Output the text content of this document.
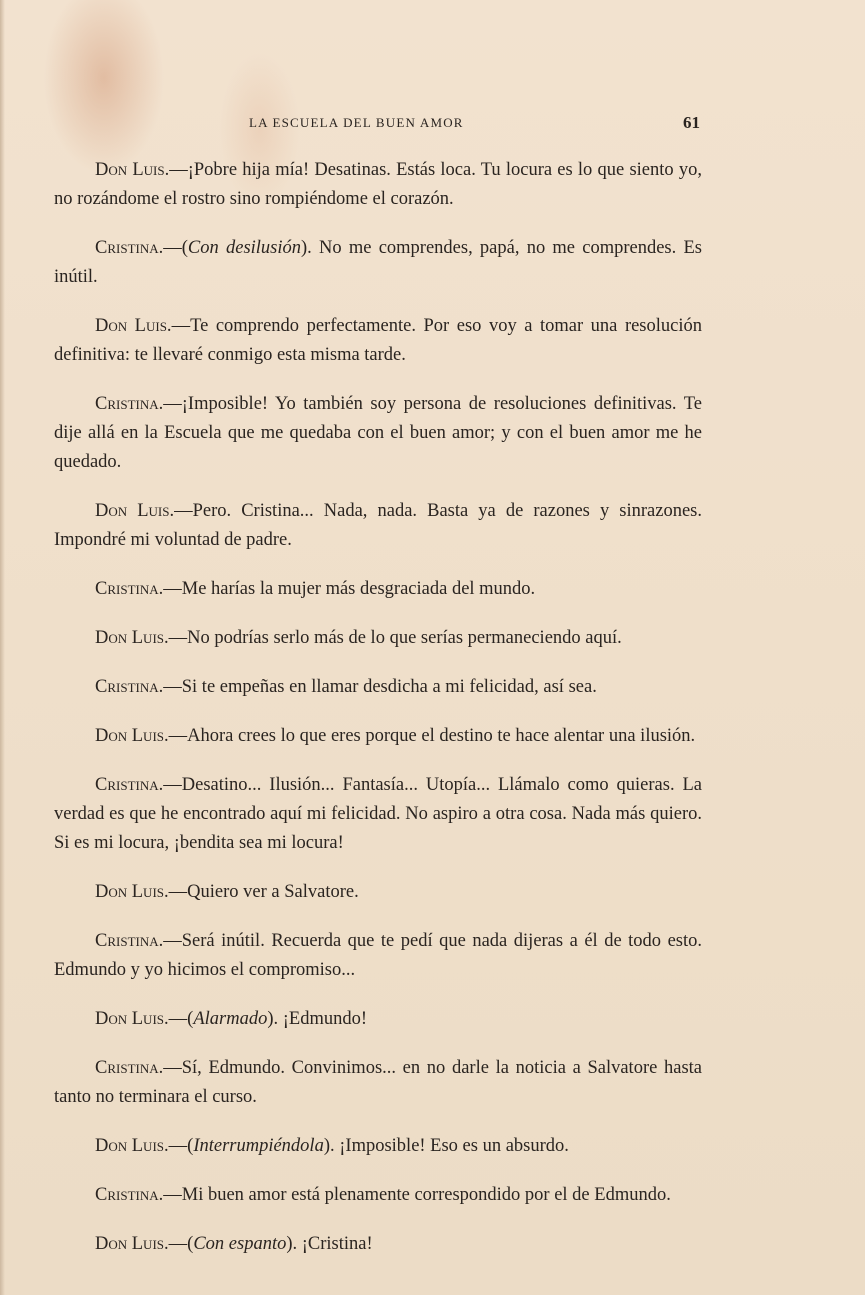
LA ESCUELA DEL BUEN AMOR	61

Don Luis.—¡Pobre hija mía! Desatinas. Estás loca. Tu locura es lo que siento yo, no rozándome el rostro sino rompiéndome el corazón.

Cristina.—(Con desilusión). No me comprendes, papá, no me comprendes. Es inútil.

Don Luis.—Te comprendo perfectamente. Por eso voy a tomar una resolución definitiva: te llevaré conmigo esta misma tarde.

Cristina.—¡Imposible! Yo también soy persona de resoluciones definitivas. Te dije allá en la Escuela que me quedaba con el buen amor; y con el buen amor me he quedado.

Don Luis.—Pero. Cristina... Nada, nada. Basta ya de razones y sinrazones. Impondré mi voluntad de padre.

Cristina.—Me harías la mujer más desgraciada del mundo.

Don Luis.—No podrías serlo más de lo que serías permaneciendo aquí.

Cristina.—Si te empeñas en llamar desdicha a mi felicidad, así sea.

Don Luis.—Ahora crees lo que eres porque el destino te hace alentar una ilusión.

Cristina.—Desatino... Ilusión... Fantasía... Utopía... Llámalo como quieras. La verdad es que he encontrado aquí mi felicidad. No aspiro a otra cosa. Nada más quiero. Si es mi locura, ¡bendita sea mi locura!

Don Luis.—Quiero ver a Salvatore.

Cristina.—Será inútil. Recuerda que te pedí que nada dijeras a él de todo esto. Edmundo y yo hicimos el compromiso...

Don Luis.—(Alarmado). ¡Edmundo!

Cristina.—Sí, Edmundo. Convinimos... en no darle la noticia a Salvatore hasta tanto no terminara el curso.

Don Luis.—(Interrumpiéndola). ¡Imposible! Eso es un absurdo.

Cristina.—Mi buen amor está plenamente correspondido por el de Edmundo.

Don Luis.—(Con espanto). ¡Cristina!
